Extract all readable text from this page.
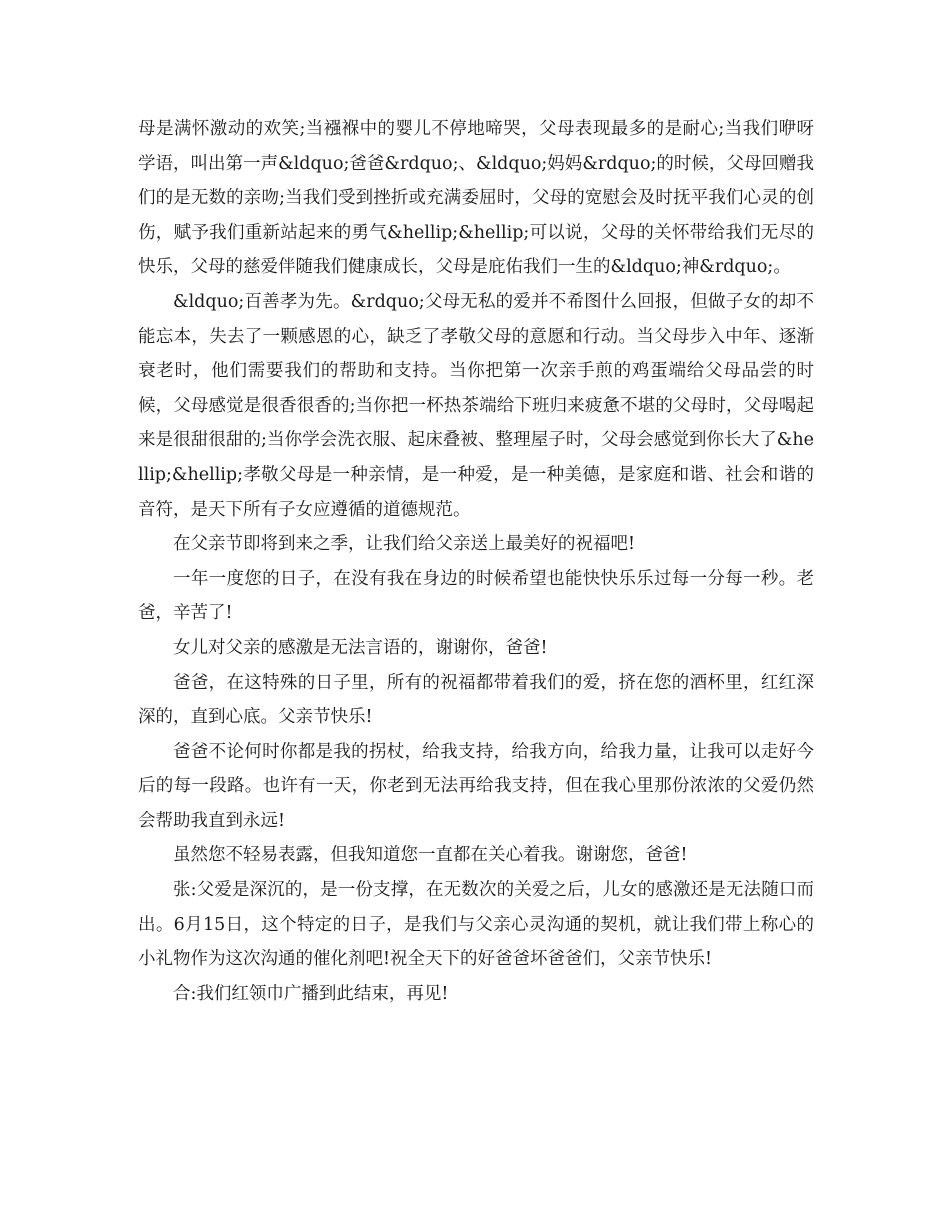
母是满怀激动的欢笑;当襁褓中的婴儿不停地啼哭，父母表现最多的是耐心;当我们咿呀学语，叫出第一声&ldquo;爸爸&rdquo;、&ldquo;妈妈&rdquo;的时候，父母回赠我们的是无数的亲吻;当我们受到挫折或充满委屈时，父母的宽慰会及时抚平我们心灵的创伤，赋予我们重新站起来的勇气&hellip;&hellip;可以说，父母的关怀带给我们无尽的快乐，父母的慈爱伴随我们健康成长，父母是庇佑我们一生的&ldquo;神&rdquo;。

&ldquo;百善孝为先。&rdquo;父母无私的爱并不希图什么回报，但做子女的却不能忘本，失去了一颗感恩的心，缺乏了孝敬父母的意愿和行动。当父母步入中年、逐渐衰老时，他们需要我们的帮助和支持。当你把第一次亲手煎的鸡蛋端给父母品尝的时候，父母感觉是很香很香的;当你把一杯热茶端给下班归来疲惫不堪的父母时，父母喝起来是很甜很甜的;当你学会洗衣服、起床叠被、整理屋子时，父母会感觉到你长大了&hellip;&hellip;孝敬父母是一种亲情，是一种爱，是一种美德，是家庭和谐、社会和谐的音符，是天下所有子女应遵循的道德规范。

在父亲节即将到来之季，让我们给父亲送上最美好的祝福吧!

一年一度您的日子，在没有我在身边的时候希望也能快快乐乐过每一分每一秒。老爸，辛苦了!

女儿对父亲的感激是无法言语的，谢谢你，爸爸!

爸爸，在这特殊的日子里，所有的祝福都带着我们的爱，挤在您的酒杯里，红红深深的，直到心底。父亲节快乐!

爸爸不论何时你都是我的拐杖，给我支持，给我方向，给我力量，让我可以走好今后的每一段路。也许有一天，你老到无法再给我支持，但在我心里那份浓浓的父爱仍然会帮助我直到永远!

虽然您不轻易表露，但我知道您一直都在关心着我。谢谢您，爸爸!

张:父爱是深沉的，是一份支撑，在无数次的关爱之后，儿女的感激还是无法随口而出。6月15日，这个特定的日子，是我们与父亲心灵沟通的契机，就让我们带上称心的小礼物作为这次沟通的催化剂吧!祝全天下的好爸爸坏爸爸们，父亲节快乐!

合:我们红领巾广播到此结束，再见!
